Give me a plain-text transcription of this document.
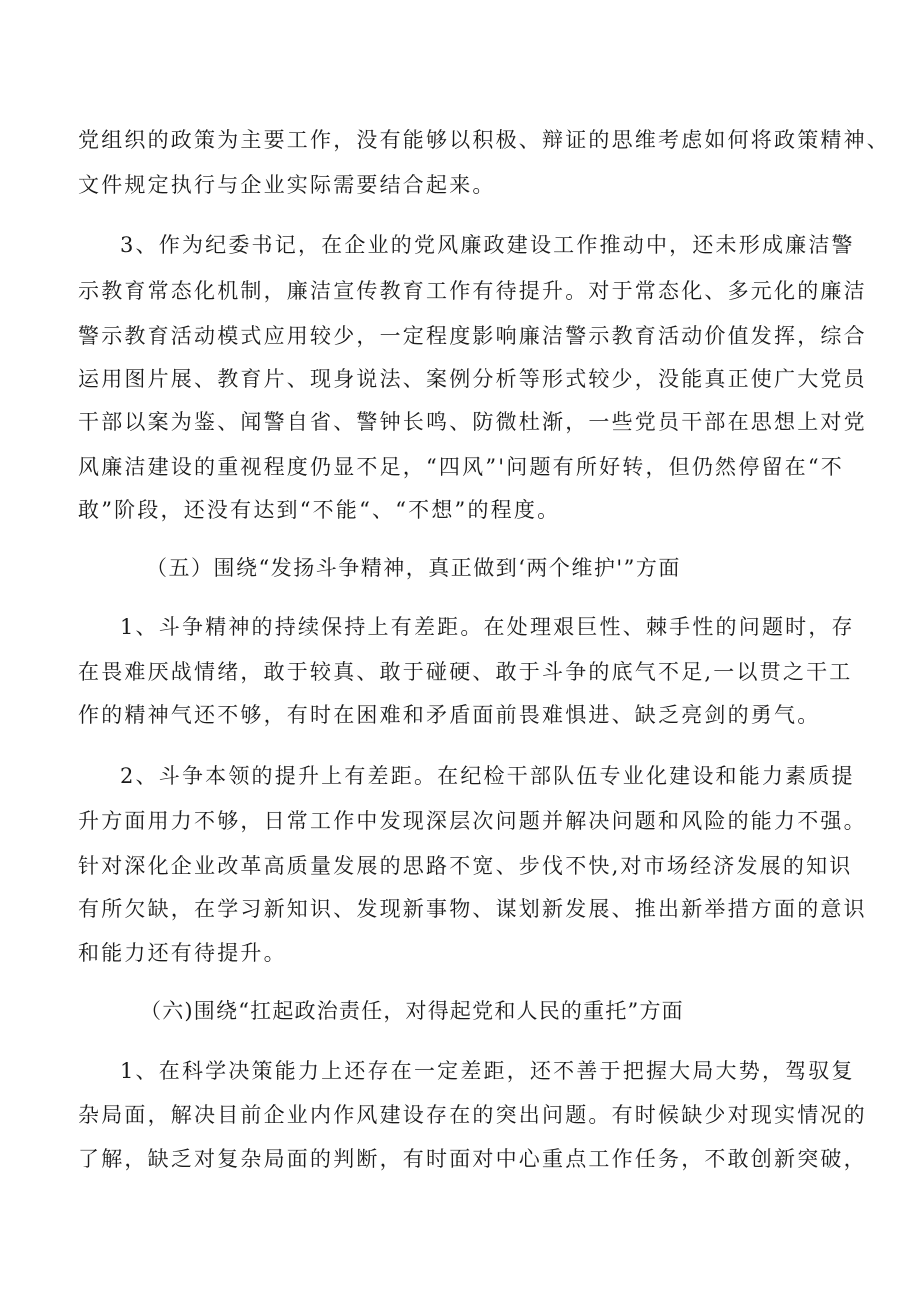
党组织的政策为主要工作，没有能够以积极、辩证的思维考虑如何将政策精神、
文件规定执行与企业实际需要结合起来。
3、作为纪委书记，在企业的党风廉政建设工作推动中，还未形成廉洁警
示教育常态化机制，廉洁宣传教育工作有待提升。对于常态化、多元化的廉洁
警示教育活动模式应用较少，一定程度影响廉洁警示教育活动价值发挥，综合
运用图片展、教育片、现身说法、案例分析等形式较少，没能真正使广大党员
干部以案为鉴、闻警自省、警钟长鸣、防微杜渐，一些党员干部在思想上对党
风廉洁建设的重视程度仍显不足，“四风”'问题有所好转，但仍然停留在“不
敢”阶段，还没有达到“不能“、“不想”的程度。
（五）围绕“发扬斗争精神，真正做到‘两个维护'”方面
1、斗争精神的持续保持上有差距。在处理艰巨性、棘手性的问题时，存
在畏难厌战情绪，敢于较真、敢于碰硬、敢于斗争的底气不足,一以贯之干工
作的精神气还不够，有时在困难和矛盾面前畏难惧进、缺乏亮剑的勇气。
2、斗争本领的提升上有差距。在纪检干部队伍专业化建设和能力素质提
升方面用力不够，日常工作中发现深层次问题并解决问题和风险的能力不强。
针对深化企业改革高质量发展的思路不宽、步伐不快,对市场经济发展的知识
有所欠缺，在学习新知识、发现新事物、谋划新发展、推出新举措方面的意识
和能力还有待提升。
（六)围绕“扛起政治责任，对得起党和人民的重托”方面
1、在科学决策能力上还存在一定差距，还不善于把握大局大势，驾驭复
杂局面，解决目前企业内作风建设存在的突出问题。有时候缺少对现实情况的
了解，缺乏对复杂局面的判断，有时面对中心重点工作任务，不敢创新突破，
